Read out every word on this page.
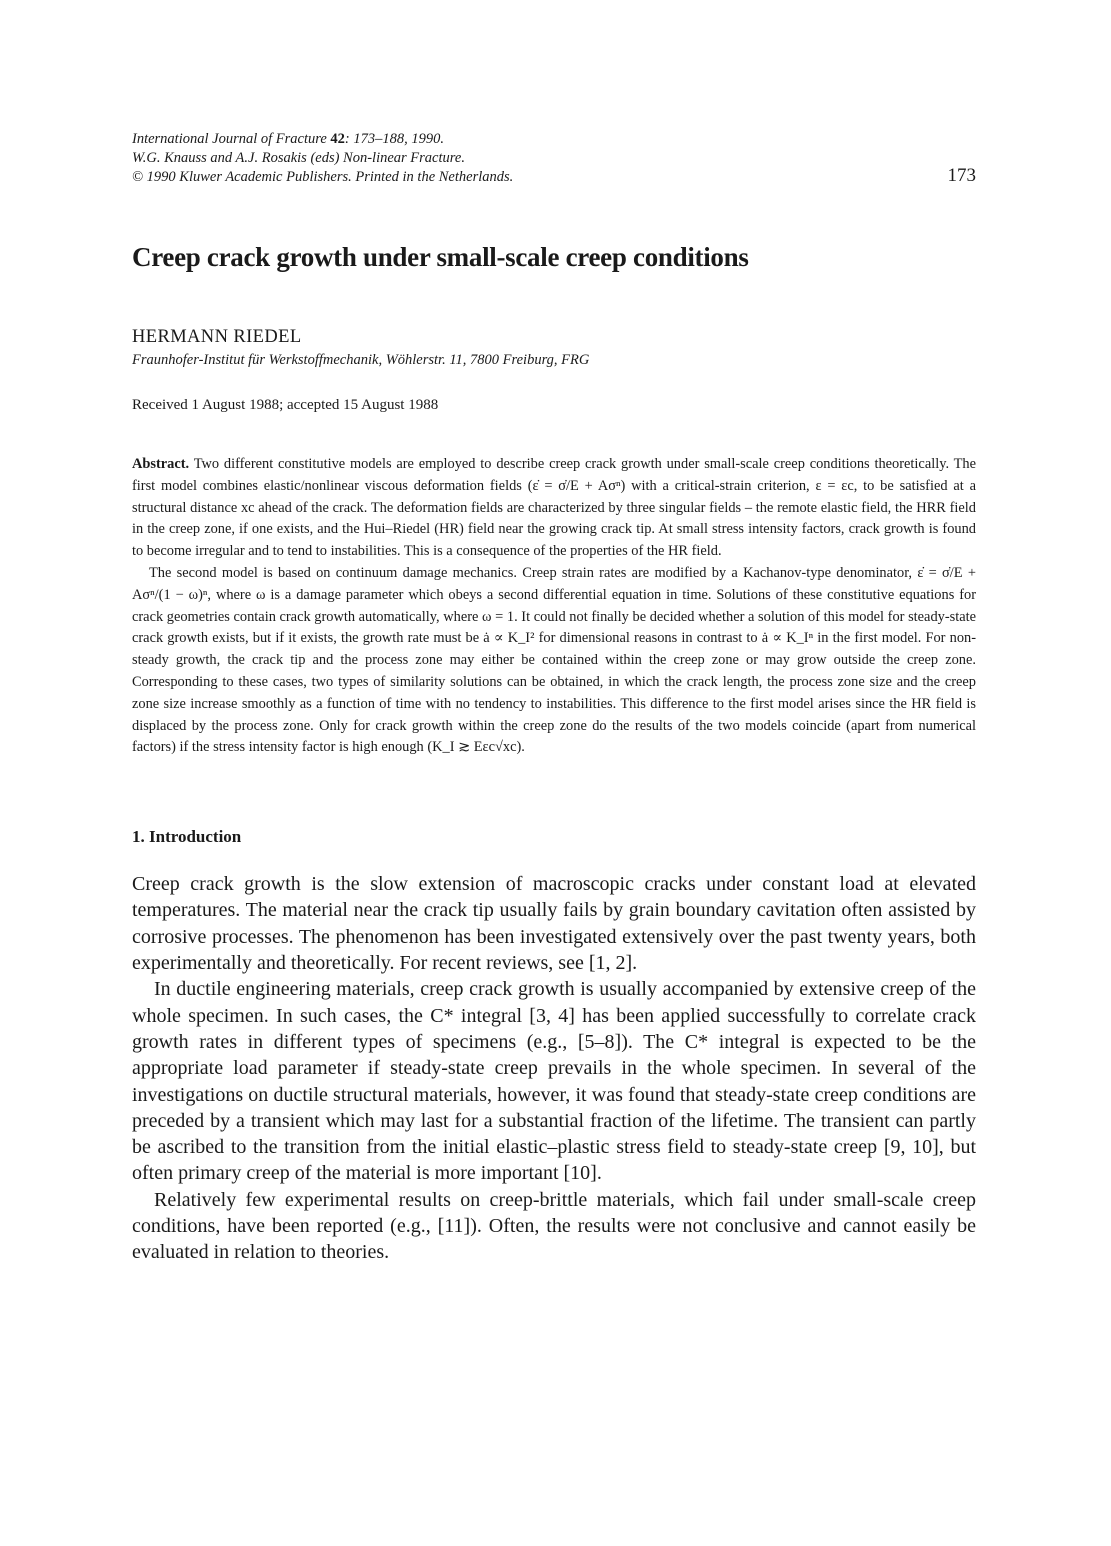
International Journal of Fracture 42: 173–188, 1990.
W.G. Knauss and A.J. Rosakis (eds) Non-linear Fracture.
© 1990 Kluwer Academic Publishers. Printed in the Netherlands.	173
Creep crack growth under small-scale creep conditions
HERMANN RIEDEL
Fraunhofer-Institut für Werkstoffmechanik, Wöhlerstr. 11, 7800 Freiburg, FRG
Received 1 August 1988; accepted 15 August 1988

Abstract. Two different constitutive models are employed to describe creep crack growth under small-scale creep conditions theoretically. The first model combines elastic/nonlinear viscous deformation fields (ε̇ = σ̇/E + Aσⁿ) with a critical-strain criterion, ε = εc, to be satisfied at a structural distance xc ahead of the crack. The deformation fields are characterized by three singular fields – the remote elastic field, the HRR field in the creep zone, if one exists, and the Hui–Riedel (HR) field near the growing crack tip. At small stress intensity factors, crack growth is found to become irregular and to tend to instabilities. This is a consequence of the properties of the HR field.

The second model is based on continuum damage mechanics. Creep strain rates are modified by a Kachanov-type denominator, ε̇ = σ̇/E + Aσⁿ/(1 − ω)ⁿ, where ω is a damage parameter which obeys a second differential equation in time. Solutions of these constitutive equations for crack geometries contain crack growth automatically, where ω = 1. It could not finally be decided whether a solution of this model for steady-state crack growth exists, but if it exists, the growth rate must be ȧ ∝ K_I² for dimensional reasons in contrast to ȧ ∝ K_Iⁿ in the first model. For non-steady growth, the crack tip and the process zone may either be contained within the creep zone or may grow outside the creep zone. Corresponding to these cases, two types of similarity solutions can be obtained, in which the crack length, the process zone size and the creep zone size increase smoothly as a function of time with no tendency to instabilities. This difference to the first model arises since the HR field is displaced by the process zone. Only for crack growth within the creep zone do the results of the two models coincide (apart from numerical factors) if the stress intensity factor is high enough (K_I ≳ Eεc√xc).

1. Introduction

Creep crack growth is the slow extension of macroscopic cracks under constant load at elevated temperatures. The material near the crack tip usually fails by grain boundary cavitation often assisted by corrosive processes. The phenomenon has been investigated extensively over the past twenty years, both experimentally and theoretically. For recent reviews, see [1, 2].

In ductile engineering materials, creep crack growth is usually accompanied by extensive creep of the whole specimen. In such cases, the C* integral [3, 4] has been applied successfully to correlate crack growth rates in different types of specimens (e.g., [5–8]). The C* integral is expected to be the appropriate load parameter if steady-state creep prevails in the whole specimen. In several of the investigations on ductile structural materials, however, it was found that steady-state creep conditions are preceded by a transient which may last for a substantial fraction of the lifetime. The transient can partly be ascribed to the transition from the initial elastic–plastic stress field to steady-state creep [9, 10], but often primary creep of the material is more important [10].

Relatively few experimental results on creep-brittle materials, which fail under small-scale creep conditions, have been reported (e.g., [11]). Often, the results were not conclusive and cannot easily be evaluated in relation to theories.
